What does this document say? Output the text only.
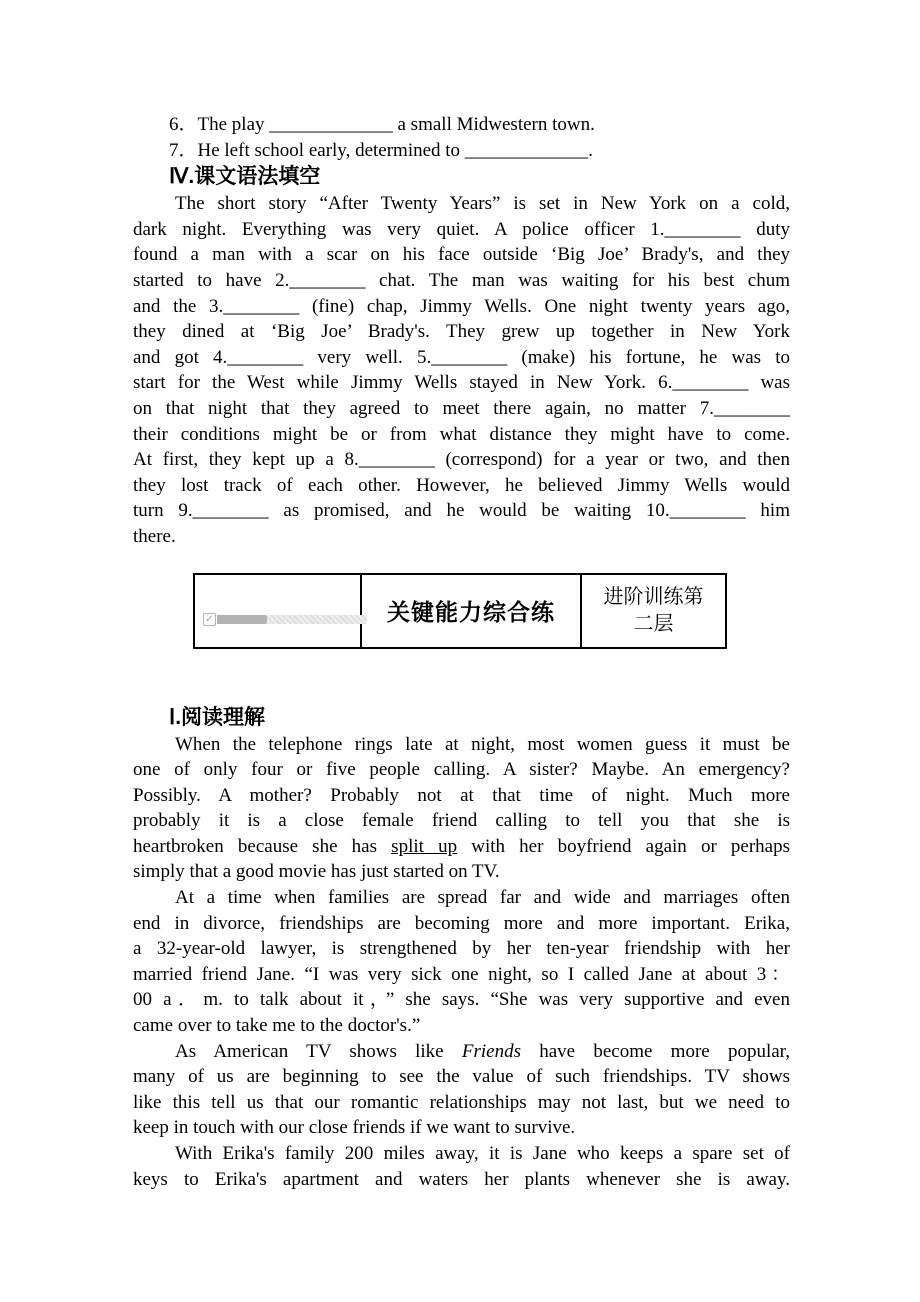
6．The play _____________ a small Midwestern town.
7．He left school early, determined to _____________.
Ⅳ.课文语法填空
The short story “After Twenty Years” is set in New York on a cold,
dark night. Everything was very quiet. A police officer 1.________ duty
found a man with a scar on his face outside ‘Big Joe’ Brady's, and they
started to have 2.________ chat. The man was waiting for his best chum
and the 3.________ (fine) chap, Jimmy Wells. One night twenty years ago,
they dined at ‘Big Joe’ Brady's. They grew up together in New York
and got 4.________ very well. 5.________ (make) his fortune, he was to
start for the West while Jimmy Wells stayed in New York. 6.________ was
on that night that they agreed to meet there again, no matter 7.________
their conditions might be or from what distance they might have to come.
At first, they kept up a 8.________ (correspond) for a year or two, and then
they lost track of each other. However, he believed Jimmy Wells would
turn 9.________ as promised, and he would be waiting 10.________ him
there.
✓	关键能力综合练
进阶训练第
二层
Ⅰ.阅读理解
When the telephone rings late at night, most women guess it must be
one of only four or five people calling. A sister? Maybe. An emergency?
Possibly. A mother? Probably not at that time of night. Much more
probably it is a close female friend calling to tell you that she is
heartbroken because she has split up with her boyfriend again or perhaps
simply that a good movie has just started on TV.
At a time when families are spread far and wide and marriages often
end in divorce, friendships are becoming more and more important. Erika,
a 32-year-old lawyer, is strengthened by her ten-year friendship with her
married friend Jane. “I was very sick one night, so I called Jane at about 3：
00 a．m. to talk about it，” she says. “She was very supportive and even
came over to take me to the doctor's.”
As American TV shows like Friends have become more popular,
many of us are beginning to see the value of such friendships. TV shows
like this tell us that our romantic relationships may not last, but we need to
keep in touch with our close friends if we want to survive.
With Erika's family 200 miles away, it is Jane who keeps a spare set of
keys to Erika's apartment and waters her plants whenever she is away.
